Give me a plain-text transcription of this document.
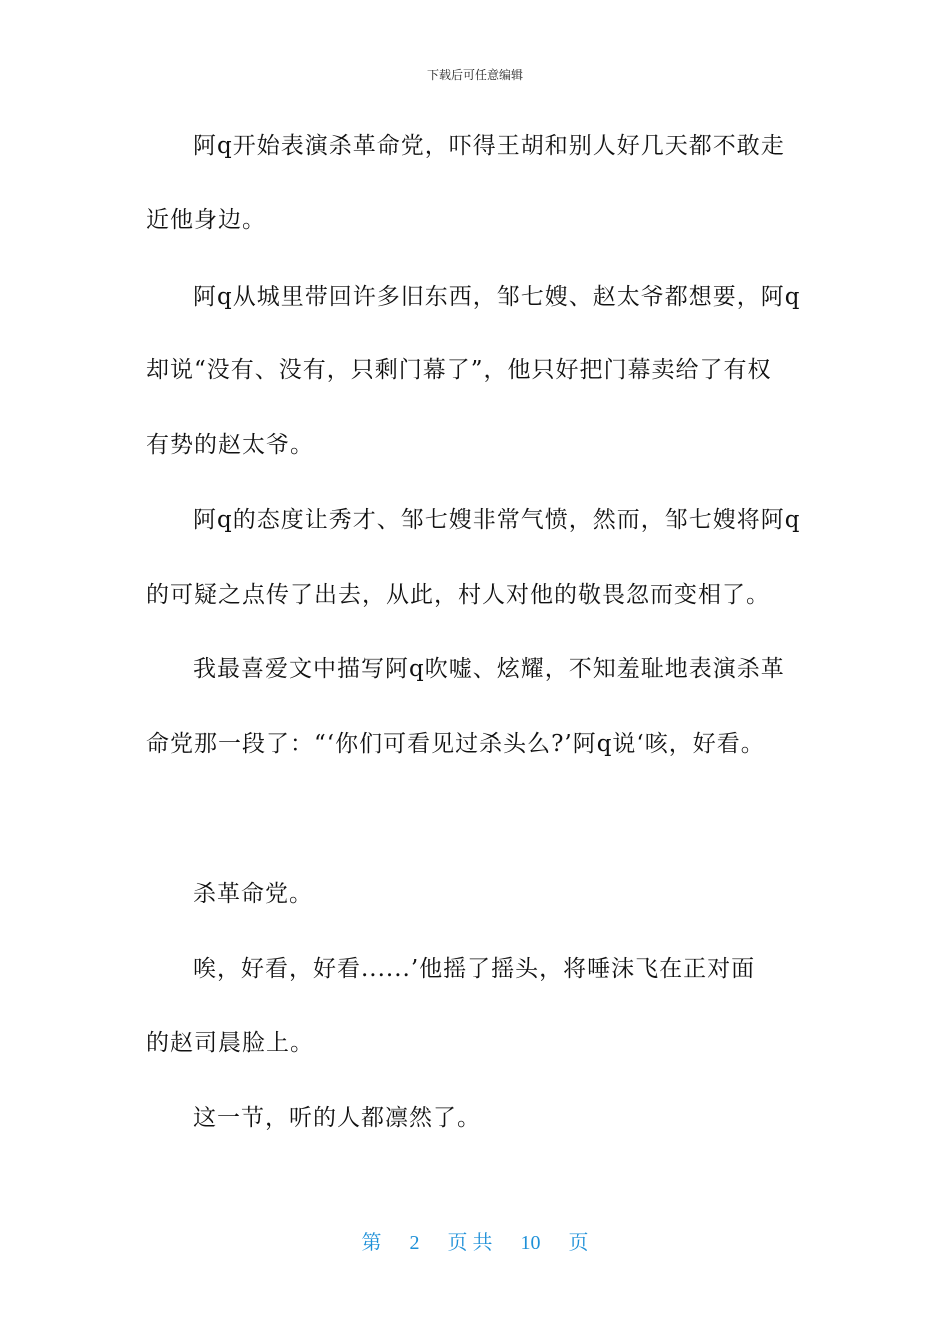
下载后可任意编辑
阿q开始表演杀革命党，吓得王胡和别人好几天都不敢走
近他身边。
阿q从城里带回许多旧东西，邹七嫂、赵太爷都想要，阿q
却说“没有、没有，只剩门幕了”，他只好把门幕卖给了有权
有势的赵太爷。
阿q的态度让秀才、邹七嫂非常气愤，然而，邹七嫂将阿q
的可疑之点传了出去，从此，村人对他的敬畏忽而变相了。
我最喜爱文中描写阿q吹嘘、炫耀，不知羞耻地表演杀革
命党那一段了：“‘你们可看见过杀头么?’阿q说‘咳，好看。
杀革命党。
唉，好看，好看......’他摇了摇头，将唾沫飞在正对面
的赵司晨脸上。
这一节，听的人都凛然了。
第 2 页 共 10 页
